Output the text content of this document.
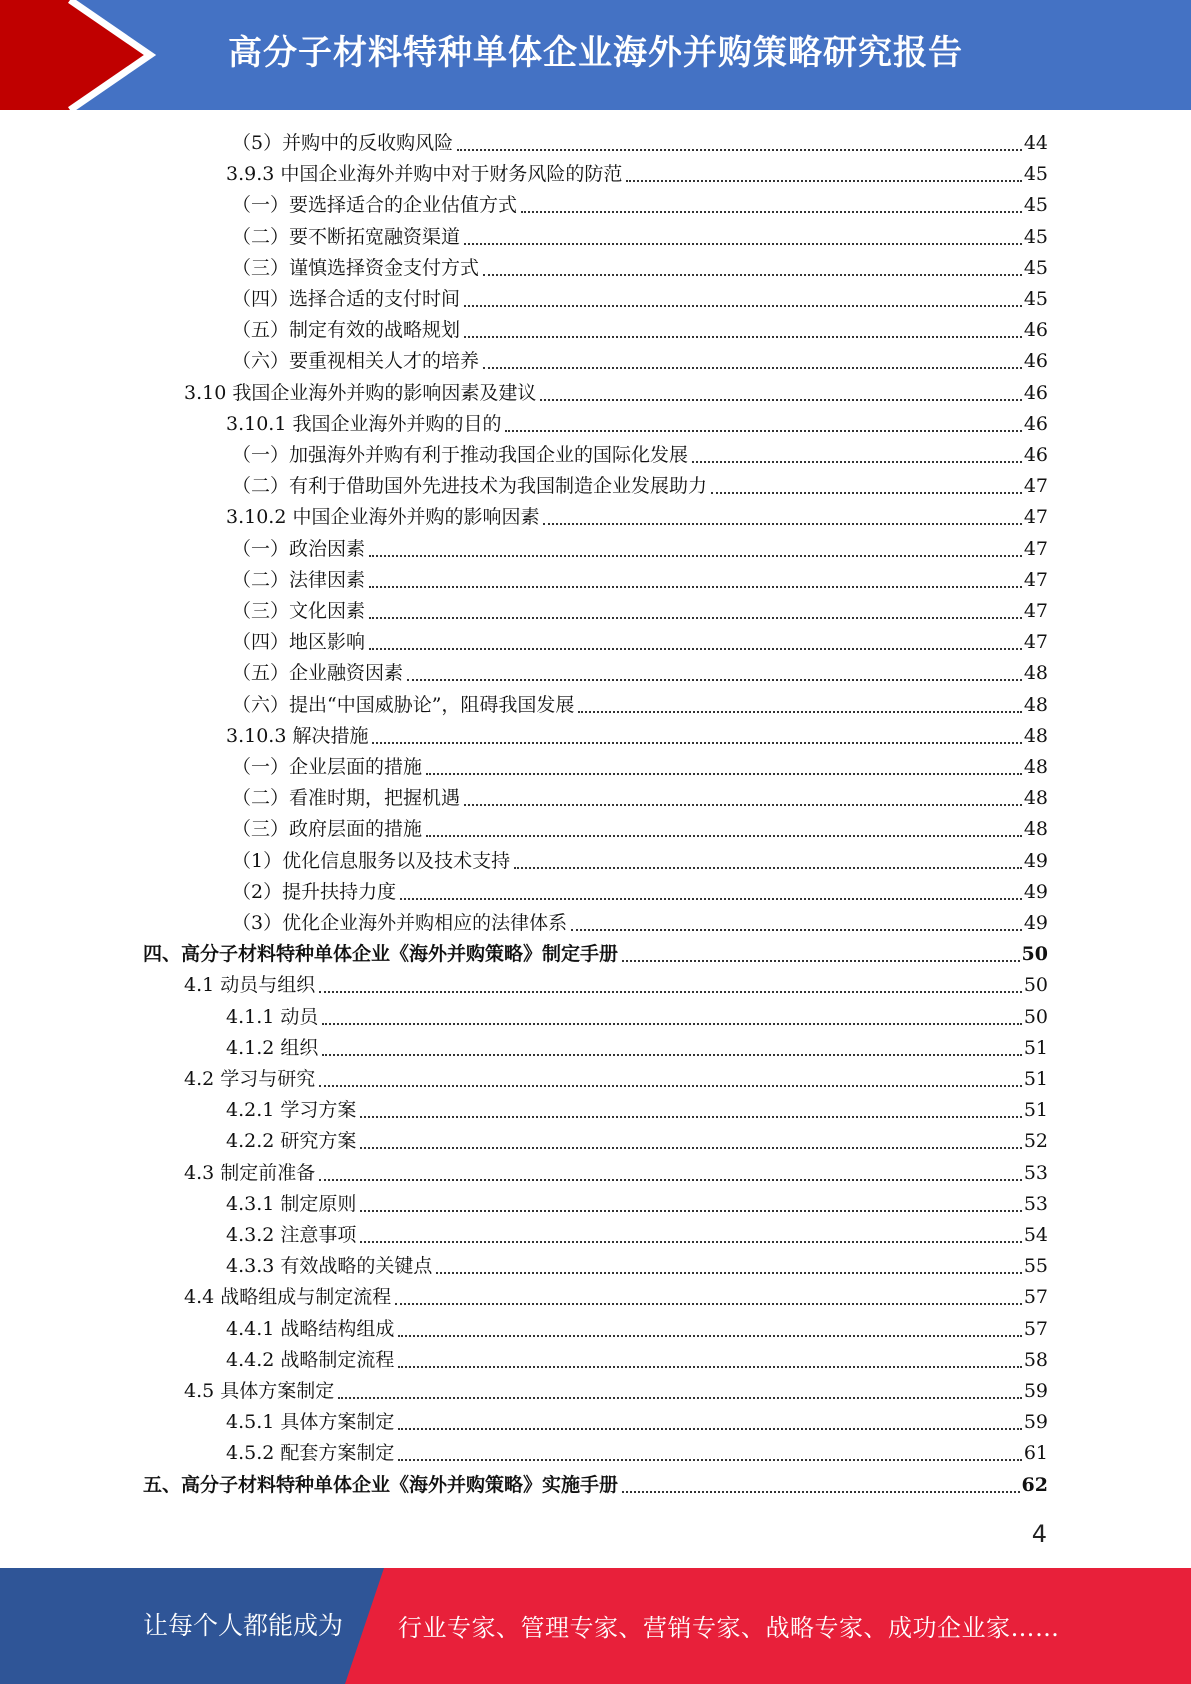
高分子材料特种单体企业海外并购策略研究报告
（5）并购中的反收购风险	44
3.9.3 中国企业海外并购中对于财务风险的防范	45
（一）要选择适合的企业估值方式	45
（二）要不断拓宽融资渠道	45
（三）谨慎选择资金支付方式	45
（四）选择合适的支付时间	45
（五）制定有效的战略规划	46
（六）要重视相关人才的培养	46
3.10 我国企业海外并购的影响因素及建议	46
3.10.1 我国企业海外并购的目的	46
（一）加强海外并购有利于推动我国企业的国际化发展	46
（二）有利于借助国外先进技术为我国制造企业发展助力	47
3.10.2 中国企业海外并购的影响因素	47
（一）政治因素	47
（二）法律因素	47
（三）文化因素	47
（四）地区影响	47
（五）企业融资因素	48
（六）提出“中国威胁论”，阻碍我国发展	48
3.10.3 解决措施	48
（一）企业层面的措施	48
（二）看准时期，把握机遇	48
（三）政府层面的措施	48
（1）优化信息服务以及技术支持	49
（2）提升扶持力度	49
（3）优化企业海外并购相应的法律体系	49
四、高分子材料特种单体企业《海外并购策略》制定手册	50
4.1 动员与组织	50
4.1.1 动员	50
4.1.2 组织	51
4.2 学习与研究	51
4.2.1 学习方案	51
4.2.2 研究方案	52
4.3 制定前准备	53
4.3.1 制定原则	53
4.3.2 注意事项	54
4.3.3 有效战略的关键点	55
4.4 战略组成与制定流程	57
4.4.1 战略结构组成	57
4.4.2 战略制定流程	58
4.5 具体方案制定	59
4.5.1 具体方案制定	59
4.5.2 配套方案制定	61
五、高分子材料特种单体企业《海外并购策略》实施手册	62
4
让每个人都能成为 行业专家、管理专家、营销专家、战略专家、成功企业家……
